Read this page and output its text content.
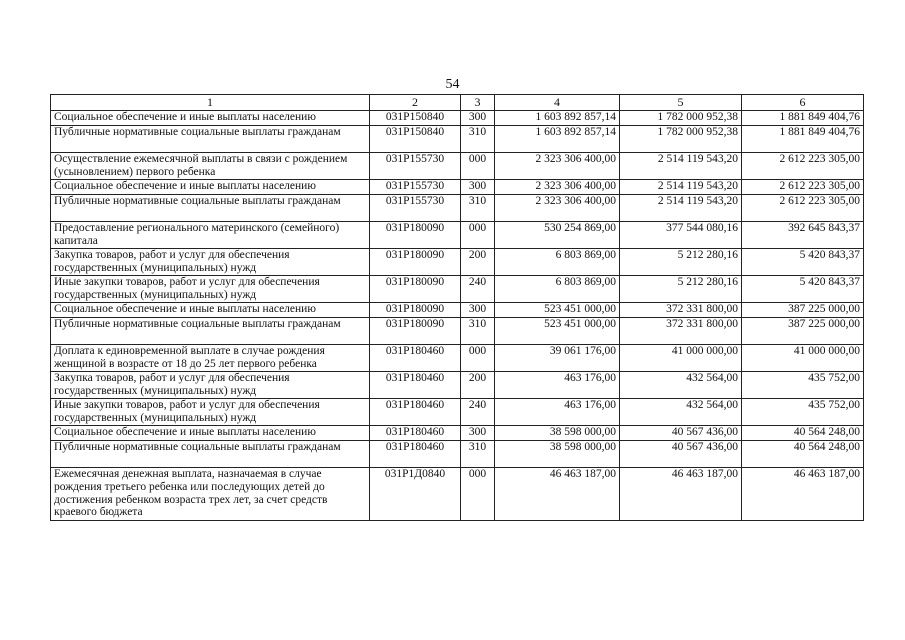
54
1	2	3	4	5	6
Социальное обеспечение и иные выплаты населению	031P150840	300	1 603 892 857,14	1 782 000 952,38	1 881 849 404,76
Публичные нормативные социальные выплаты гражданам	031P150840	310	1 603 892 857,14	1 782 000 952,38	1 881 849 404,76
Осуществление ежемесячной выплаты в связи с рождением (усыновлением) первого ребенка	031P155730	000	2 323 306 400,00	2 514 119 543,20	2 612 223 305,00
Социальное обеспечение и иные выплаты населению	031P155730	300	2 323 306 400,00	2 514 119 543,20	2 612 223 305,00
Публичные нормативные социальные выплаты гражданам	031P155730	310	2 323 306 400,00	2 514 119 543,20	2 612 223 305,00
Предоставление регионального материнского (семейного) капитала	031P180090	000	530 254 869,00	377 544 080,16	392 645 843,37
Закупка товаров, работ и услуг для обеспечения государственных (муниципальных) нужд	031P180090	200	6 803 869,00	5 212 280,16	5 420 843,37
Иные закупки товаров, работ и услуг для обеспечения государственных (муниципальных) нужд	031P180090	240	6 803 869,00	5 212 280,16	5 420 843,37
Социальное обеспечение и иные выплаты населению	031P180090	300	523 451 000,00	372 331 800,00	387 225 000,00
Публичные нормативные социальные выплаты гражданам	031P180090	310	523 451 000,00	372 331 800,00	387 225 000,00
Доплата к единовременной выплате в случае рождения женщиной в возрасте от 18 до 25 лет первого ребенка	031P180460	000	39 061 176,00	41 000 000,00	41 000 000,00
Закупка товаров, работ и услуг для обеспечения государственных (муниципальных) нужд	031P180460	200	463 176,00	432 564,00	435 752,00
Иные закупки товаров, работ и услуг для обеспечения государственных (муниципальных) нужд	031P180460	240	463 176,00	432 564,00	435 752,00
Социальное обеспечение и иные выплаты населению	031P180460	300	38 598 000,00	40 567 436,00	40 564 248,00
Публичные нормативные социальные выплаты гражданам	031P180460	310	38 598 000,00	40 567 436,00	40 564 248,00
Ежемесячная денежная выплата, назначаемая в случае рождения третьего ребенка или последующих детей до достижения ребенком возраста трех лет, за счет средств краевого бюджета	031P1Д0840	000	46 463 187,00	46 463 187,00	46 463 187,00
